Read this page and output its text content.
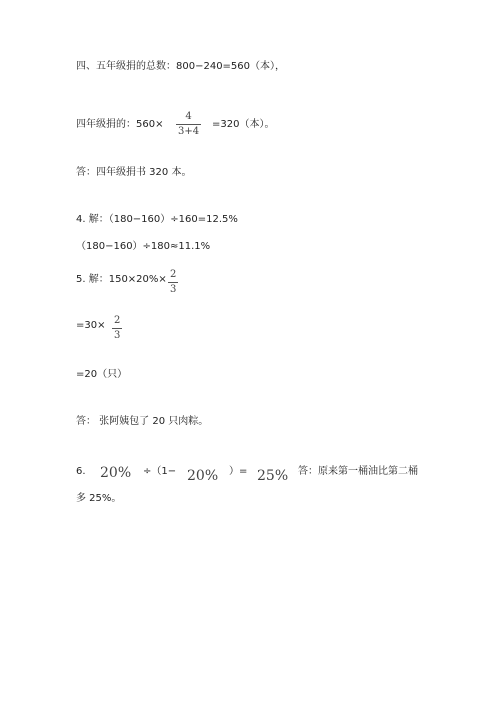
四、五年级捐的总数：800−240=560（本），
四年级捐的：560×
4
3+4
=320（本）。
答：四年级捐书 320 本。
4. 解：（180−160）÷160=12.5%
（180−160）÷180≈11.1%
5. 解：150×20%× 2
3
=30× 2
3
=20（只）
答： 张阿姨包了 20 只肉粽。
6. 20% ÷（1− 20% ）= 25% 答：原来第一桶油比第二桶
多 25%。
